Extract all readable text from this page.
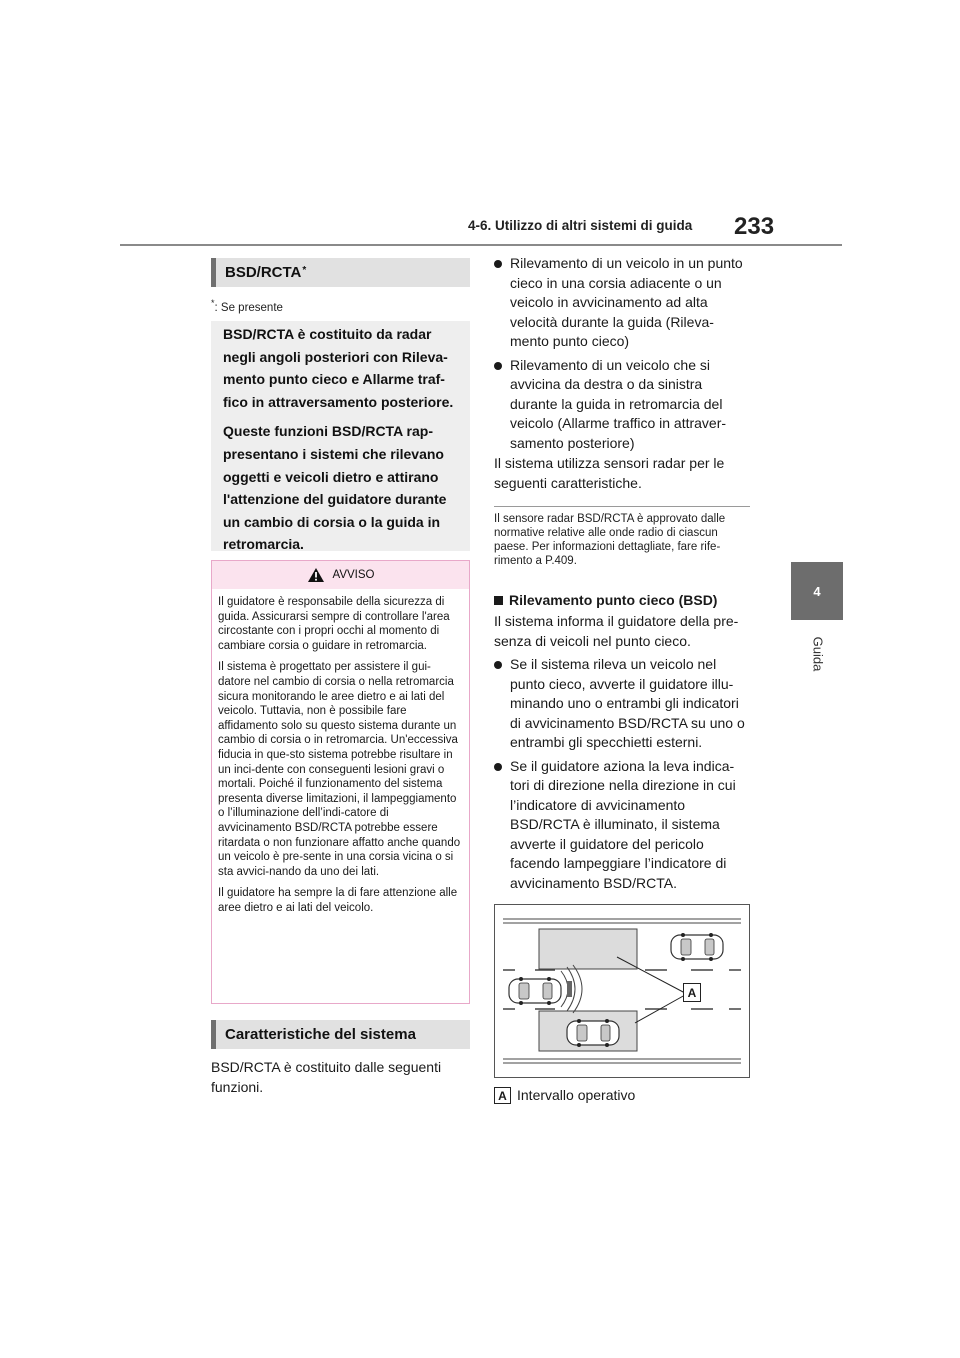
4-6. Utilizzo di altri sistemi di guida 233
4
Guida
BSD/RCTA*
*: Se presente

BSD/RCTA è costituito da radar negli angoli posteriori con Rileva-mento punto cieco e Allarme traf-fico in attraversamento posteriore.

Queste funzioni BSD/RCTA rap-presentano i sistemi che rilevano oggetti e veicoli dietro e attirano l'attenzione del guidatore durante un cambio di corsia o la guida in retromarcia.

AVVISO

Il guidatore è responsabile della sicurezza di guida. Assicurarsi sempre di controllare l'area circostante con i propri occhi al momento di cambiare corsia o guidare in retromarcia.

Il sistema è progettato per assistere il gui-datore nel cambio di corsia o nella retromarcia sicura monitorando le aree dietro e ai lati del veicolo. Tuttavia, non è possibile fare affidamento solo su questo sistema durante un cambio di corsia o in retromarcia. Un'eccessiva fiducia in que-sto sistema potrebbe risultare in un inci-dente con conseguenti lesioni gravi o mortali. Poiché il funzionamento del sistema presenta diverse limitazioni, il lampeggiamento o l’illuminazione dell’indi-catore di avvicinamento BSD/RCTA potrebbe essere ritardata o non funzionare affatto anche quando un veicolo è pre-sente in una corsia vicina o si sta avvici-nando da uno dei lati.

Il guidatore ha sempre la di fare attenzione alle aree dietro e ai lati del veicolo.

Caratteristiche del sistema
BSD/RCTA è costituito dalle seguenti funzioni.
Rilevamento di un veicolo in un punto cieco in una corsia adiacente o un veicolo in avvicinamento ad alta velocità durante la guida (Rileva-mento punto cieco)
Rilevamento di un veicolo che si avvicina da destra o da sinistra durante la guida in retromarcia del veicolo (Allarme traffico in attraver-samento posteriore)
Il sistema utilizza sensori radar per le seguenti caratteristiche.
Il sensore radar BSD/RCTA è approvato dalle normative relative alle onde radio di ciascun paese. Per informazioni dettagliate, fare rife-rimento a P.409.
Rilevamento punto cieco (BSD)
Il sistema informa il guidatore della pre-senza di veicoli nel punto cieco.
Se il sistema rileva un veicolo nel punto cieco, avverte il guidatore illu-minando uno o entrambi gli indicatori di avvicinamento BSD/RCTA su uno o entrambi gli specchietti esterni.
Se il guidatore aziona la leva indica-tori di direzione nella direzione in cui l’indicatore di avvicinamento BSD/RCTA è illuminato, il sistema avverte il guidatore del pericolo facendo lampeggiare l’indicatore di avvicinamento BSD/RCTA.
A
A Intervallo operativo
